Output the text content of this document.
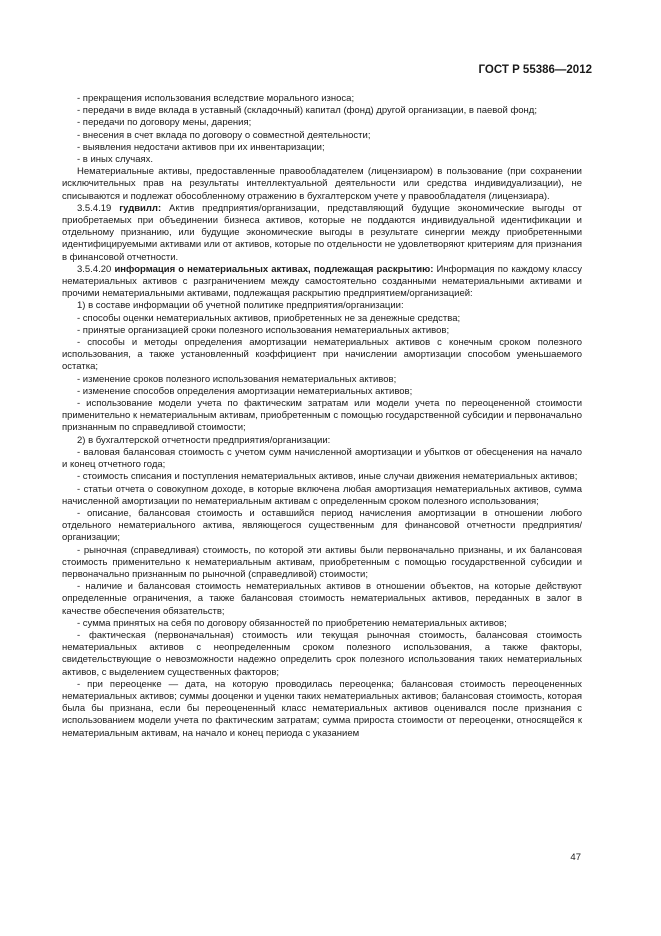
ГОСТ Р 55386—2012

- прекращения использования вследствие морального износа;

- передачи в виде вклада в уставный (складочный) капитал (фонд) другой организации, в паевой фонд;

- передачи по договору мены, дарения;

- внесения в счет вклада по договору о совместной деятельности;

- выявления недостачи активов при их инвентаризации;

- в иных случаях.

Нематериальные активы, предоставленные правообладателем (лицензиаром) в пользование (при сохранении исключительных прав на результаты интеллектуальной деятельности или средства индивидуализации), не списываются и подлежат обособленному отражению в бухгалтерском учете у правообладателя (лицензиара).

3.5.4.19 гудвилл: Актив предприятия/организации, представляющий будущие экономические выгоды от приобретаемых при объединении бизнеса активов, которые не поддаются индивидуальной идентификации и отдельному признанию, или будущие экономические выгоды в результате синергии между приобретенными идентифицируемыми активами или от активов, которые по отдельности не удовлетворяют критериям для признания в финансовой отчетности.

3.5.4.20 информация о нематериальных активах, подлежащая раскрытию: Информация по каждому классу нематериальных активов с разграничением между самостоятельно созданными нематериальными активами и прочими нематериальными активами, подлежащая раскрытию предприятием/организацией:

1) в составе информации об учетной политике предприятия/организации:

- способы оценки нематериальных активов, приобретенных не за денежные средства;

- принятые организацией сроки полезного использования нематериальных активов;

- способы и методы определения амортизации нематериальных активов с конечным сроком полезного использования, а также установленный коэффициент при начислении амортизации способом уменьшаемого остатка;

- изменение сроков полезного использования нематериальных активов;

- изменение способов определения амортизации нематериальных активов;

- использование модели учета по фактическим затратам или модели учета по переоцененной стоимости применительно к нематериальным активам, приобретенным с помощью государственной субсидии и первоначально признанным по справедливой стоимости;

2) в бухгалтерской отчетности предприятия/организации:

- валовая балансовая стоимость с учетом сумм начисленной амортизации и убытков от обесценения на начало и конец отчетного года;

- стоимость списания и поступления нематериальных активов, иные случаи движения нематериальных активов;

- статьи отчета о совокупном доходе, в которые включена любая амортизация нематериальных активов, сумма начисленной амортизации по нематериальным активам с определенным сроком полезного использования;

- описание, балансовая стоимость и оставшийся период начисления амортизации в отношении любого отдельного нематериального актива, являющегося существенным для финансовой отчетности предприятия/организации;

- рыночная (справедливая) стоимость, по которой эти активы были первоначально признаны, и их балансовая стоимость применительно к нематериальным активам, приобретенным с помощью государственной субсидии и первоначально признанным по рыночной (справедливой) стоимости;

- наличие и балансовая стоимость нематериальных активов в отношении объектов, на которые действуют определенные ограничения, а также балансовая стоимость нематериальных активов, переданных в залог в качестве обеспечения обязательств;

- сумма принятых на себя по договору обязанностей по приобретению нематериальных активов;

- фактическая (первоначальная) стоимость или текущая рыночная стоимость, балансовая стоимость нематериальных активов с неопределенным сроком полезного использования, а также факторы, свидетельствующие о невозможности надежно определить срок полезного использования таких нематериальных активов, с выделением существенных факторов;

- при переоценке — дата, на которую проводилась переоценка; балансовая стоимость переоцененных нематериальных активов; суммы дооценки и уценки таких нематериальных активов; балансовая стоимость, которая была бы признана, если бы переоцененный класс нематериальных активов оценивался после признания с использованием модели учета по фактическим затратам; сумма прироста стоимости от переоценки, относящейся к нематериальным активам, на начало и конец периода с указанием

47
